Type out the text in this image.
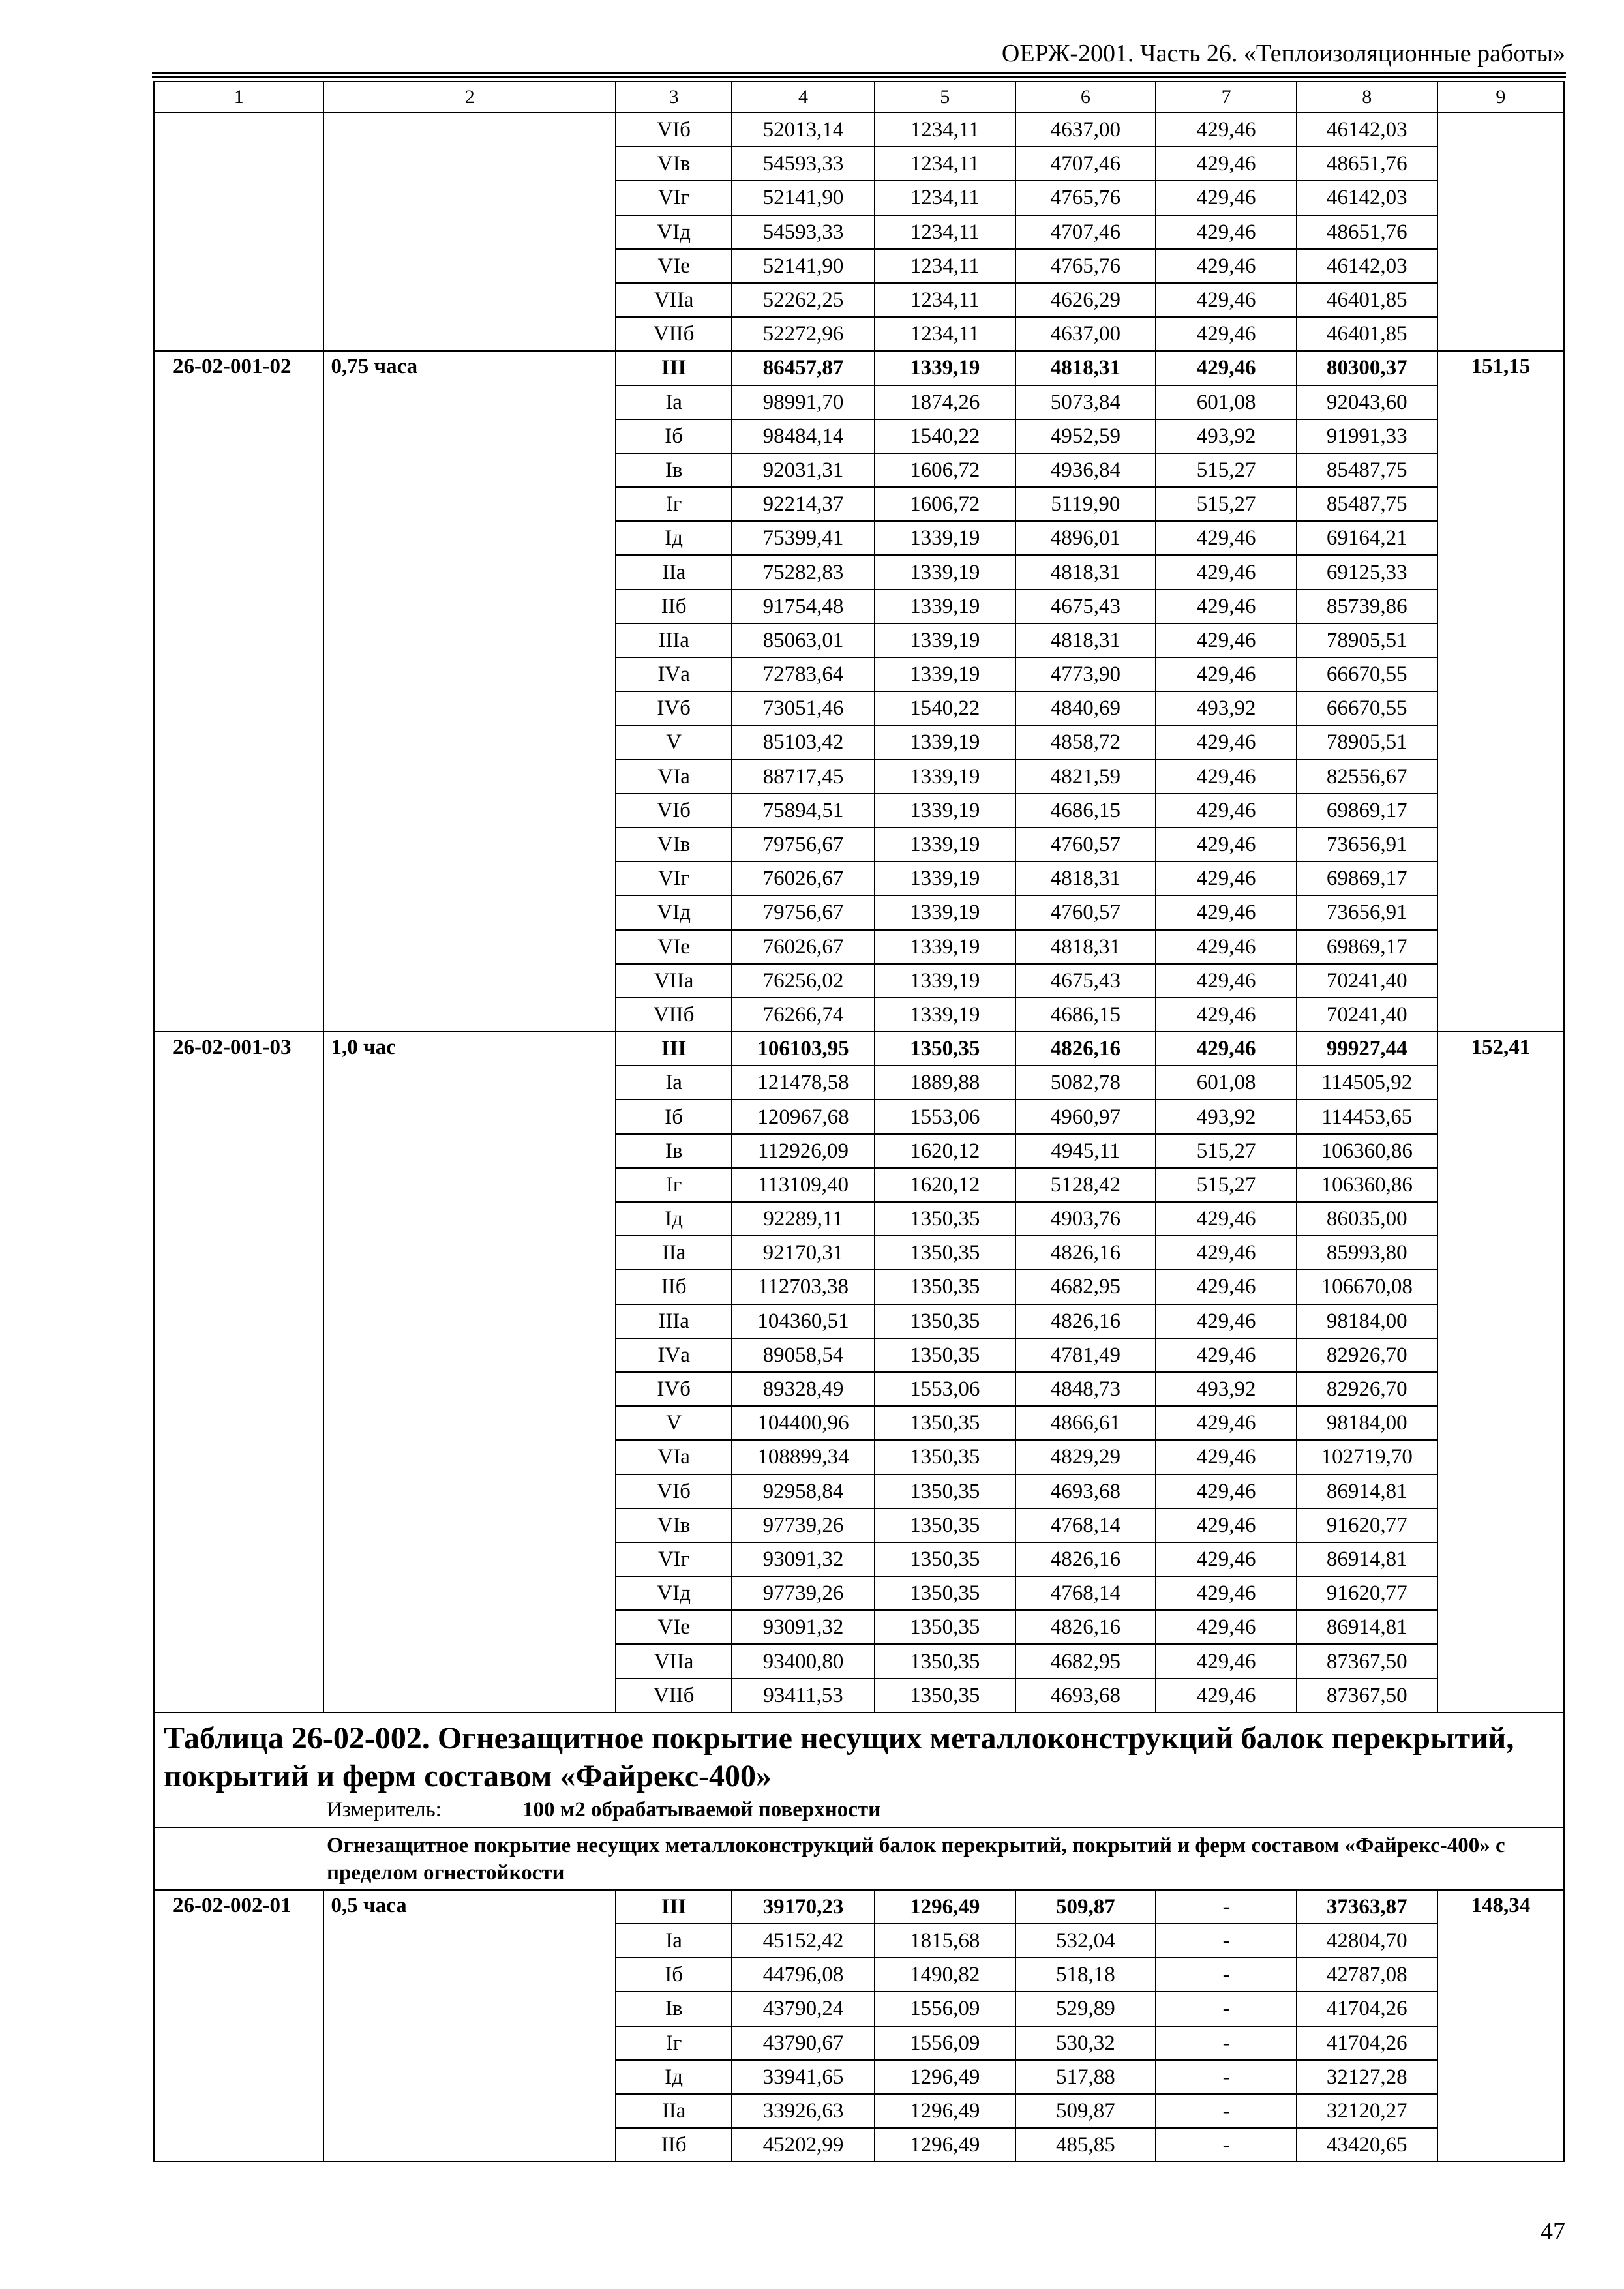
ОЕРЖ-2001. Часть 26. «Теплоизоляционные работы»
1	2	3	4	5	6	7	8	9
		VIб	52013,14	1234,11	4637,00	429,46	46142,03	
		VIв	54593,33	1234,11	4707,46	429,46	48651,76	
		VIг	52141,90	1234,11	4765,76	429,46	46142,03	
		VIд	54593,33	1234,11	4707,46	429,46	48651,76	
		VIе	52141,90	1234,11	4765,76	429,46	46142,03	
		VIIа	52262,25	1234,11	4626,29	429,46	46401,85	
		VIIб	52272,96	1234,11	4637,00	429,46	46401,85	
26-02-001-02	0,75 часа	III	86457,87	1339,19	4818,31	429,46	80300,37	151,15
		Iа	98991,70	1874,26	5073,84	601,08	92043,60	
		Iб	98484,14	1540,22	4952,59	493,92	91991,33	
		Iв	92031,31	1606,72	4936,84	515,27	85487,75	
		Iг	92214,37	1606,72	5119,90	515,27	85487,75	
		Iд	75399,41	1339,19	4896,01	429,46	69164,21	
		IIа	75282,83	1339,19	4818,31	429,46	69125,33	
		IIб	91754,48	1339,19	4675,43	429,46	85739,86	
		IIIа	85063,01	1339,19	4818,31	429,46	78905,51	
		IVа	72783,64	1339,19	4773,90	429,46	66670,55	
		IVб	73051,46	1540,22	4840,69	493,92	66670,55	
		V	85103,42	1339,19	4858,72	429,46	78905,51	
		VIа	88717,45	1339,19	4821,59	429,46	82556,67	
		VIб	75894,51	1339,19	4686,15	429,46	69869,17	
		VIв	79756,67	1339,19	4760,57	429,46	73656,91	
		VIг	76026,67	1339,19	4818,31	429,46	69869,17	
		VIд	79756,67	1339,19	4760,57	429,46	73656,91	
		VIе	76026,67	1339,19	4818,31	429,46	69869,17	
		VIIа	76256,02	1339,19	4675,43	429,46	70241,40	
		VIIб	76266,74	1339,19	4686,15	429,46	70241,40	
26-02-001-03	1,0 час	III	106103,95	1350,35	4826,16	429,46	99927,44	152,41
		Iа	121478,58	1889,88	5082,78	601,08	114505,92	
		Iб	120967,68	1553,06	4960,97	493,92	114453,65	
		Iв	112926,09	1620,12	4945,11	515,27	106360,86	
		Iг	113109,40	1620,12	5128,42	515,27	106360,86	
		Iд	92289,11	1350,35	4903,76	429,46	86035,00	
		IIа	92170,31	1350,35	4826,16	429,46	85993,80	
		IIб	112703,38	1350,35	4682,95	429,46	106670,08	
		IIIа	104360,51	1350,35	4826,16	429,46	98184,00	
		IVа	89058,54	1350,35	4781,49	429,46	82926,70	
		IVб	89328,49	1553,06	4848,73	493,92	82926,70	
		V	104400,96	1350,35	4866,61	429,46	98184,00	
		VIа	108899,34	1350,35	4829,29	429,46	102719,70	
		VIб	92958,84	1350,35	4693,68	429,46	86914,81	
		VIв	97739,26	1350,35	4768,14	429,46	91620,77	
		VIг	93091,32	1350,35	4826,16	429,46	86914,81	
		VIд	97739,26	1350,35	4768,14	429,46	91620,77	
		VIе	93091,32	1350,35	4826,16	429,46	86914,81	
		VIIа	93400,80	1350,35	4682,95	429,46	87367,50	
		VIIб	93411,53	1350,35	4693,68	429,46	87367,50	

Таблица 26-02-002. Огнезащитное покрытие несущих металлоконструкций балок перекрытий, покрытий и ферм составом «Файрекс-400»
Измеритель: 100 м2 обрабатываемой поверхности								

Огнезащитное покрытие несущих металлоконструкций балок перекрытий, покрытий и ферм составом «Файрекс-400» с пределом огнестойкости								
26-02-002-01	0,5 часа	III	39170,23	1296,49	509,87	-	37363,87	148,34
		Iа	45152,42	1815,68	532,04	-	42804,70	
		Iб	44796,08	1490,82	518,18	-	42787,08	
		Iв	43790,24	1556,09	529,89	-	41704,26	
		Iг	43790,67	1556,09	530,32	-	41704,26	
		Iд	33941,65	1296,49	517,88	-	32127,28	
		IIа	33926,63	1296,49	509,87	-	32120,27	
		IIб	45202,99	1296,49	485,85	-	43420,65	
47
